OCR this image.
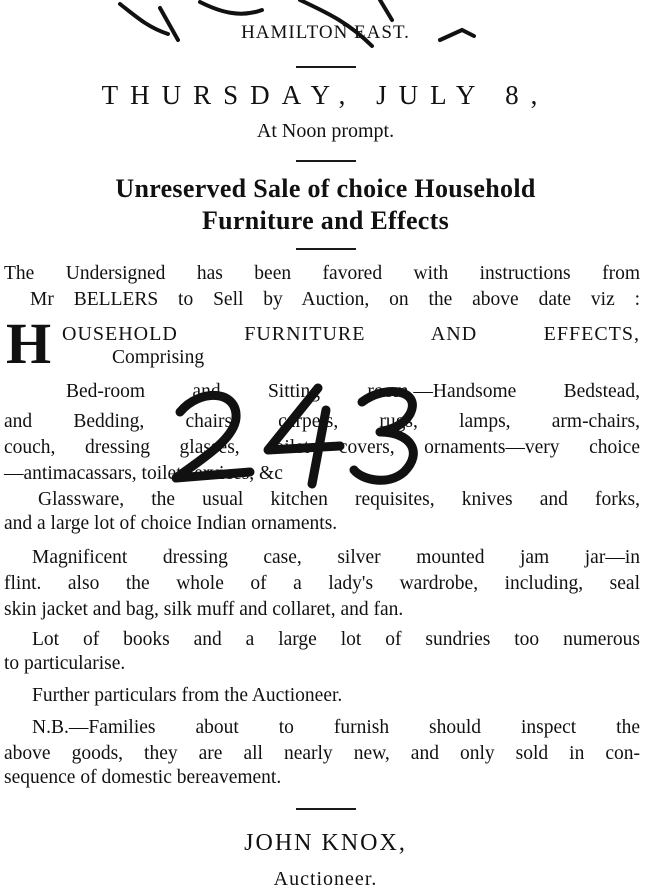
HAMILTON EAST.
THURSDAY, JULY 8,
At Noon prompt.
Unreserved Sale of choice Household
Furniture and Effects
The Undersigned has been favored with instructions from
Mr BELLERS to Sell by Auction, on the above date viz :
H OUSEHOLD FURNITURE AND EFFECTS,
Comprising
Bed-room and Sitting room.—Handsome Bedstead,
and Bedding, chairs, carpets, rugs, lamps, arm-chairs,
couch, dressing glasses, toilet covers, ornaments—very choice
—antimacassars, toilet services, &c
Glassware, the usual kitchen requisites, knives and forks,
and a large lot of choice Indian ornaments.
Magnificent dressing case, silver mounted jam jar—in
flint. also the whole of a lady's wardrobe, including, seal
skin jacket and bag, silk muff and collaret, and fan.
Lot of books and a large lot of sundries too numerous
to particularise.
Further particulars from the Auctioneer.
N.B.—Families about to furnish should inspect the
above goods, they are all nearly new, and only sold in con-
sequence of domestic bereavement.
JOHN KNOX,
Auctioneer.
